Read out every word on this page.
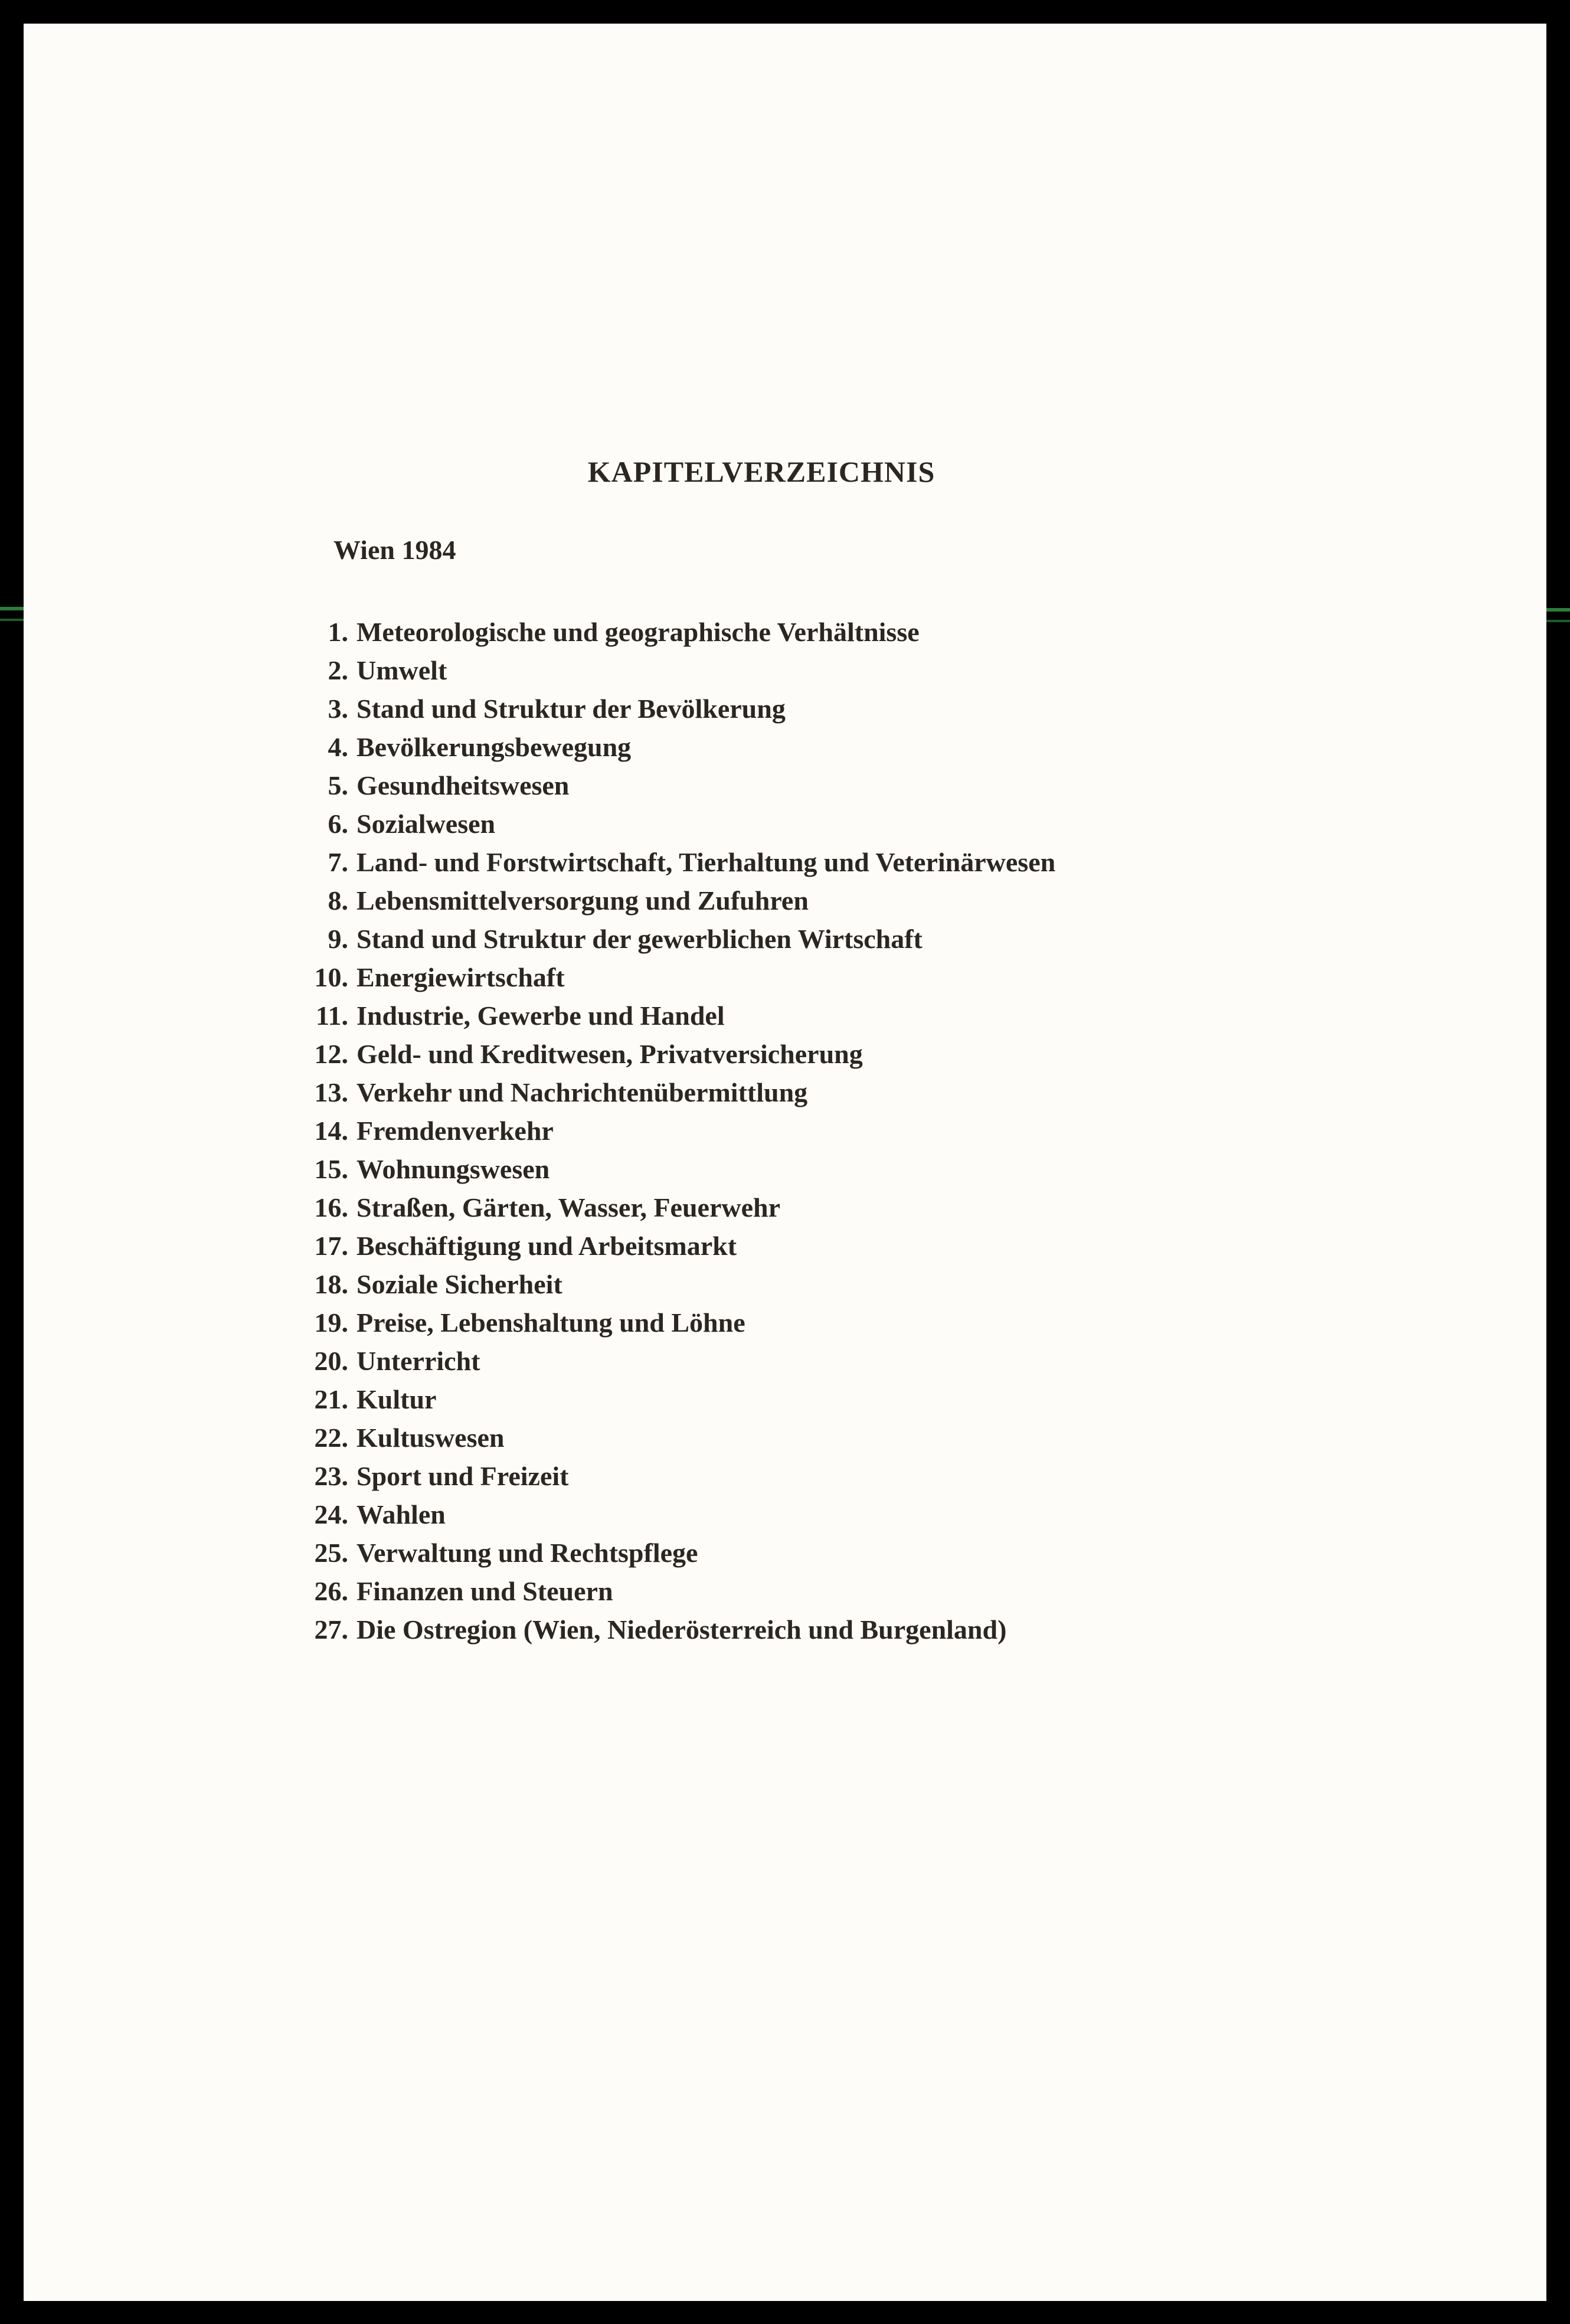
KAPITELVERZEICHNIS

Wien 1984

1. Meteorologische und geographische Verhältnisse
2. Umwelt
3. Stand und Struktur der Bevölkerung
4. Bevölkerungsbewegung
5. Gesundheitswesen
6. Sozialwesen
7. Land- und Forstwirtschaft, Tierhaltung und Veterinärwesen
8. Lebensmittelversorgung und Zufuhren
9. Stand und Struktur der gewerblichen Wirtschaft
10. Energiewirtschaft
11. Industrie, Gewerbe und Handel
12. Geld- und Kreditwesen, Privatversicherung
13. Verkehr und Nachrichtenübermittlung
14. Fremdenverkehr
15. Wohnungswesen
16. Straßen, Gärten, Wasser, Feuerwehr
17. Beschäftigung und Arbeitsmarkt
18. Soziale Sicherheit
19. Preise, Lebenshaltung und Löhne
20. Unterricht
21. Kultur
22. Kultuswesen
23. Sport und Freizeit
24. Wahlen
25. Verwaltung und Rechtspflege
26. Finanzen und Steuern
27. Die Ostregion (Wien, Niederösterreich und Burgenland)
